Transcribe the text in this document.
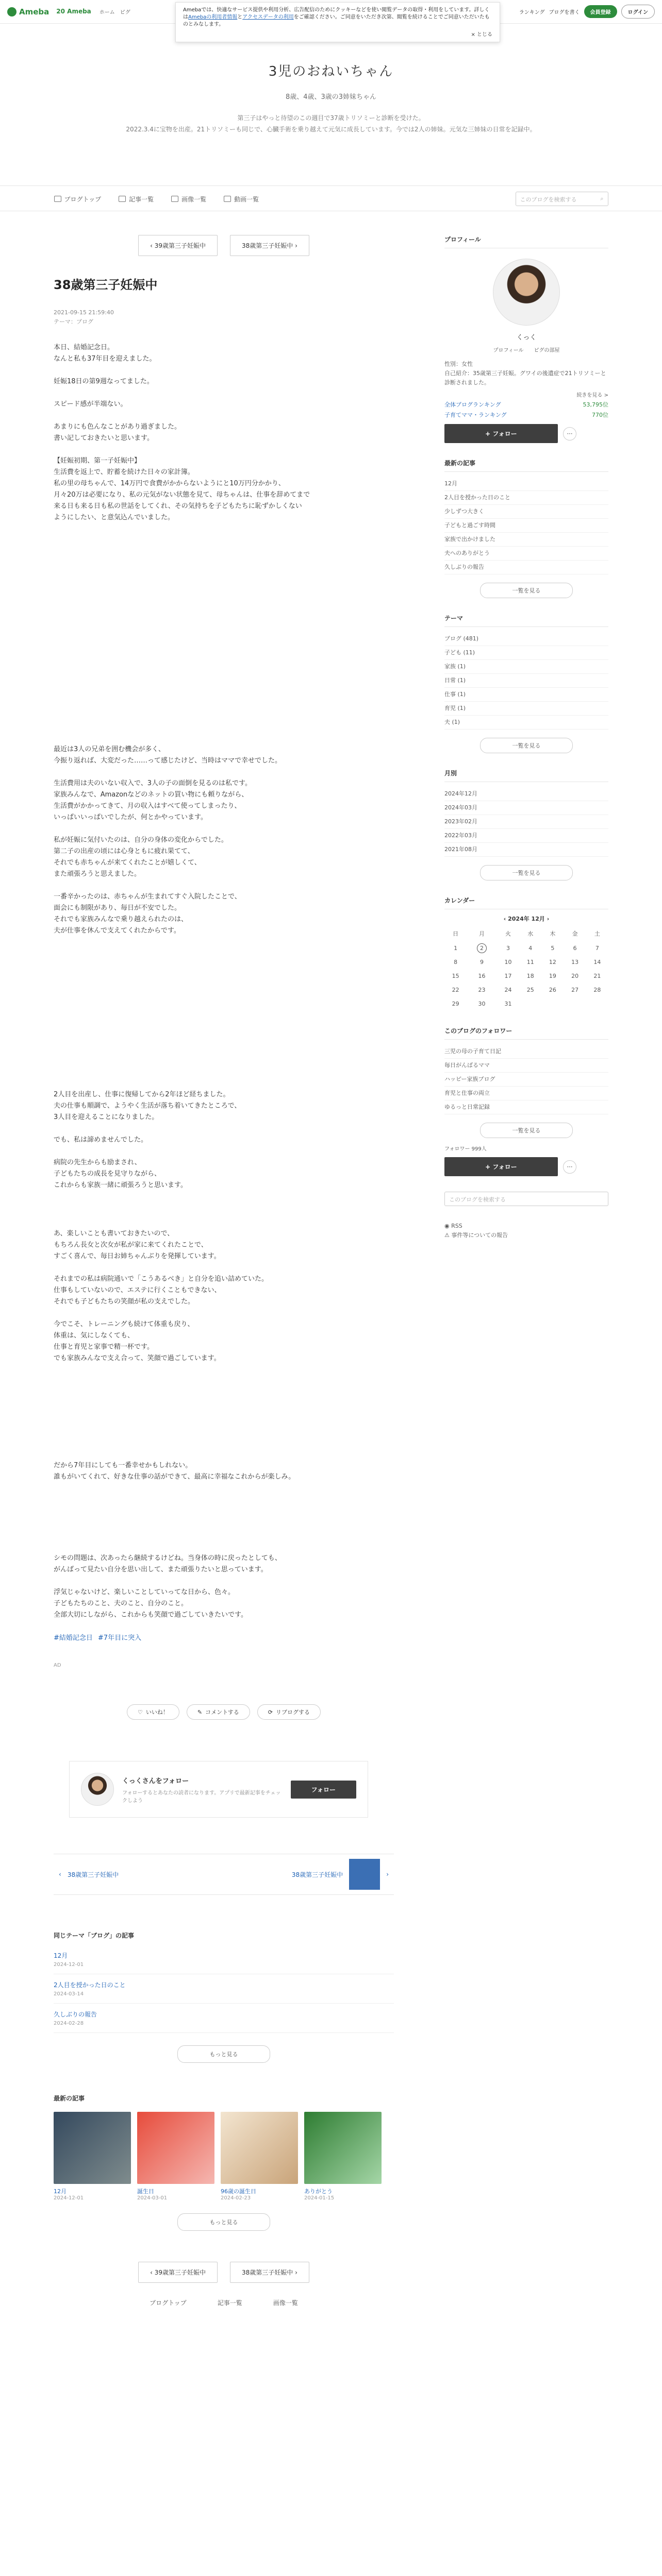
Ameba 20 Ameba ホーム ピグ	ランキング ブログを書く	会員登録	ログイン
Amebaでは、快適なサービス提供や利用分析、広告配信のためにクッキーなどを使い閲覧データの取得・利用をしています。詳しくはAmebaの利用者情報とアクセスデータの利用をご確認ください。ご同意をいただき次第、閲覧を続けることでご同意いただいたものとみなします。
× とじる
3児のおねいちゃん
8歳、4歳、3歳の3姉妹ちゃん
第三子はやっと待望のこの週目で37歳トリソミーと診断を受けた。
2022.3.4に宝物を出産。21トリソミーも同じで、心臓手術を乗り越えて元気に成長しています。今では2人の姉妹。元気な三姉妹の日常を記録中。
ブログトップ	記事一覧	画像一覧	動画一覧	このブログを検索する	⌕
‹ 39歳第三子妊娠中	38歳第三子妊娠中 ›
38歳第三子妊娠中
2021-09-15 21:59:40
テーマ：ブログ

本日、結婚記念日。
なんと私も37年目を迎えました。

妊娠18日の第9週なってました。

スピード感が半端ない。

あまりにも色んなことがあり過ぎました。
書い記しておきたいと思います。

【妊娠初期、第一子妊娠中】
生活費を返上で、貯蓄を続けた日々の家計簿。
私の里の母ちゃんで、14万円で食費がかからないようにと10万円分かかり、
月々20万は必要になり、私の元気がない状態を見て、母ちゃんは、仕事を辞めてまで
来る日も来る日も私の世話をしてくれ、その気持ちを子どもたちに恥ずかしくない
ようにしたい、と意気込んでいました。

最近は3人の兄弟を囲む機会が多く、
今振り返れば、大変だった……って感じたけど、当時はママで幸せでした。

生活費用は夫のいない収入で、3人の子の面倒を見るのは私です。
家族みんなで、Amazonなどのネットの買い物にも頼りながら、
生活費がかかってきて、月の収入はすべて使ってしまったり、
いっぱいいっぱいでしたが、何とかやっています。

私が妊娠に気付いたのは、自分の身体の変化からでした。
第二子の出産の頃には心身ともに疲れ果てて、
それでも赤ちゃんが来てくれたことが嬉しくて、
また頑張ろうと思えました。

一番辛かったのは、赤ちゃんが生まれてすぐ入院したことで、
面会にも制限があり、毎日が不安でした。
それでも家族みんなで乗り越えられたのは、
夫が仕事を休んで支えてくれたからです。

2人目を出産し、仕事に復帰してから2年ほど経ちました。
夫の仕事も順調で、ようやく生活が落ち着いてきたところで、
3人目を迎えることになりました。

でも、私は諦めませんでした。

病院の先生からも励まされ、
子どもたちの成長を見守りながら、
これからも家族一緒に頑張ろうと思います。

あ、楽しいことも書いておきたいので、
もちろん長女と次女が私が家に来てくれたことで、
すごく喜んで、毎日お姉ちゃんぶりを発揮しています。

それまでの私は病院通いで「こうあるべき」と自分を追い詰めていた。
仕事もしていないので、エステに行くこともできない、
それでも子どもたちの笑顔が私の支えでした。

今でこそ、トレーニングも続けて体重も戻り、
体重は、気にしなくても、
仕事と育児と家事で精一杯です。
でも家族みんなで支え合って、笑顔で過ごしています。

だから7年目にしても一番幸せかもしれない。
誰もがいてくれて、好きな仕事の話ができて、最高に幸福なこれからが楽しみ。

シモの問題は、次あったら継続するけどね。当身体の時に戻ったとしても、
がんばって見たい自分を思い出して、また頑張りたいと思っています。

浮気じゃないけど、楽しいことしていってな日から、色々。
子どもたちのこと、夫のこと、自分のこと。
全部大切にしながら、これからも笑顔で過ごしていきたいです。

#結婚記念日 #7年目に突入
AD
♡ いいね！	✎ コメントする	⟳ リブログする
くっくさんをフォロー
フォローするとあなたの読者になります。アプリで最新記事をチェックしよう
フォロー
‹ 38歳第三子妊娠中	38歳第三子妊娠中	›
同じテーマ「ブログ」の記事
12月
2024-12-01
2人目を授かった日のこと
2024-03-14
久しぶりの報告
2024-02-28
もっと見る
最新の記事
12月
2024-12-01
誕生日
2024-03-01
96歳の誕生日
2024-02-23
ありがとう
2024-01-15
もっと見る
‹ 39歳第三子妊娠中	38歳第三子妊娠中 ›
ブログトップ	記事一覧	画像一覧
プロフィール
くっく
プロフィール ピグの部屋
性別：女性
自己紹介：35歳第三子妊娠。グワイの後遺症で21トリソミーと診断されました。
続きを見る >
全体ブログランキング	53,795位
子育てママ・ランキング	770位
+ フォロー	⋯
最新の記事
12月
2人目を授かった日のこと
少しずつ大きく
子どもと過ごす時間
家族で出かけました
夫へのありがとう
久しぶりの報告
一覧を見る
テーマ
ブログ (481)
子ども (11)
家族 (1)
日常 (1)
仕事 (1)
育児 (1)
夫 (1)
一覧を見る
月別
2024年12月
2024年03月
2023年02月
2022年03月
2021年08月
一覧を見る
カレンダー
‹ 2024年 12月 ›
日	月	火	水	木	金	土
1	2	3	4	5	6	7
8	9	10	11	12	13	14
15	16	17	18	19	20	21
22	23	24	25	26	27	28
29	30	31				
このブログのフォロワー
三児の母の子育て日記
毎日がんばるママ
ハッピー家族ブログ
育児と仕事の両立
ゆるっと日常記録
一覧を見る
フォロワー 999人
+ フォロー	⋯
このブログを検索する
◉ RSS
⚠ 事件等についての報告
